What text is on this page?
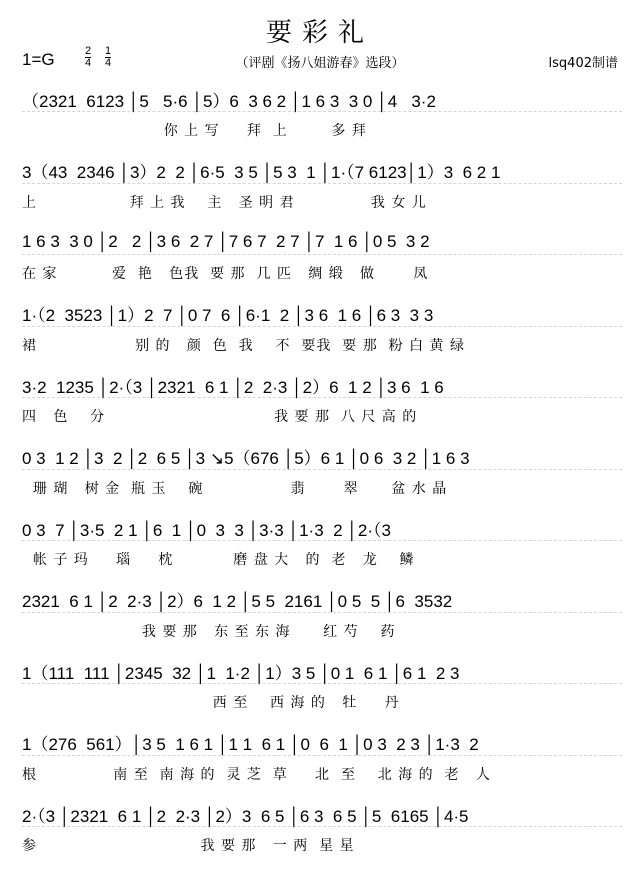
要彩礼
1=G	$\frac{2}{4} \frac{1}{4}$	（评剧《扬八姐游春》选段）	lsq402制谱
（2321  6123 │5   5·6 │5）6  3 6 2 │1 6 3  3 0 │4   3·2
你 上 写     拜  上        多 拜
3（43  2346 │3）2  2 │6·5  3 5 │5 3  1 │1·（7 6123│1）3  6 2 1
上                 拜 上 我    主   圣 明 君              我 女 儿
1 6 3  3 0 │2   2 │3 6  2 7 │7 6 7  2 7 │7  1 6 │0 5  3 2
在 家          爱  艳   色我  要 那  几 匹   绸 缎   做       凤
1·（2  3523 │1）2  7 │0 7  6 │6·1  2 │3 6  1 6 │6 3  3 3
裙                  别 的   颜  色  我    不  要我  要 那  粉 白 黄 绿
3·2  1235 │2·（3 │2321  6 1 │2  2·3 │2）6  1 2 │3 6  1 6
四   色    分                               我 要 那  八 尺 高 的
0 3  1 2 │3  2 │2  6 5 │3 ↘5（676 │5）6 1 │0 6  3 2 │1 6 3
珊 瑚   树 金  瓶 玉    碗                翡       翠      盆 水 晶
0 3  7 │3·5  2 1 │6  1 │0  3  3 │3·3 │1·3  2 │2·（3
帐 子 玛     瑙     枕           磨 盘 大   的  老   龙    鳞
2321  6 1 │2  2·3 │2）6  1 2 │5 5  2161 │0 5  5 │6  3532
我 要 那   东 至 东 海      红 芍    药
1（111  111 │2345  32 │1  1·2 │1）3 5 │0 1  6 1 │6 1  2 3
西 至    西 海 的   牡     丹
1（276  561）│3 5  1 6 1 │1 1  6 1 │0  6  1 │0 3  2 3 │1·3  2
根              南 至  南 海 的  灵 芝  草     北  至    北 海 的  老   人
2·（3 │2321  6 1 │2  2·3 │2）3  6 5 │6 3  6 5 │5  6165 │4·5
参                              我 要 那   一 两  星 星
